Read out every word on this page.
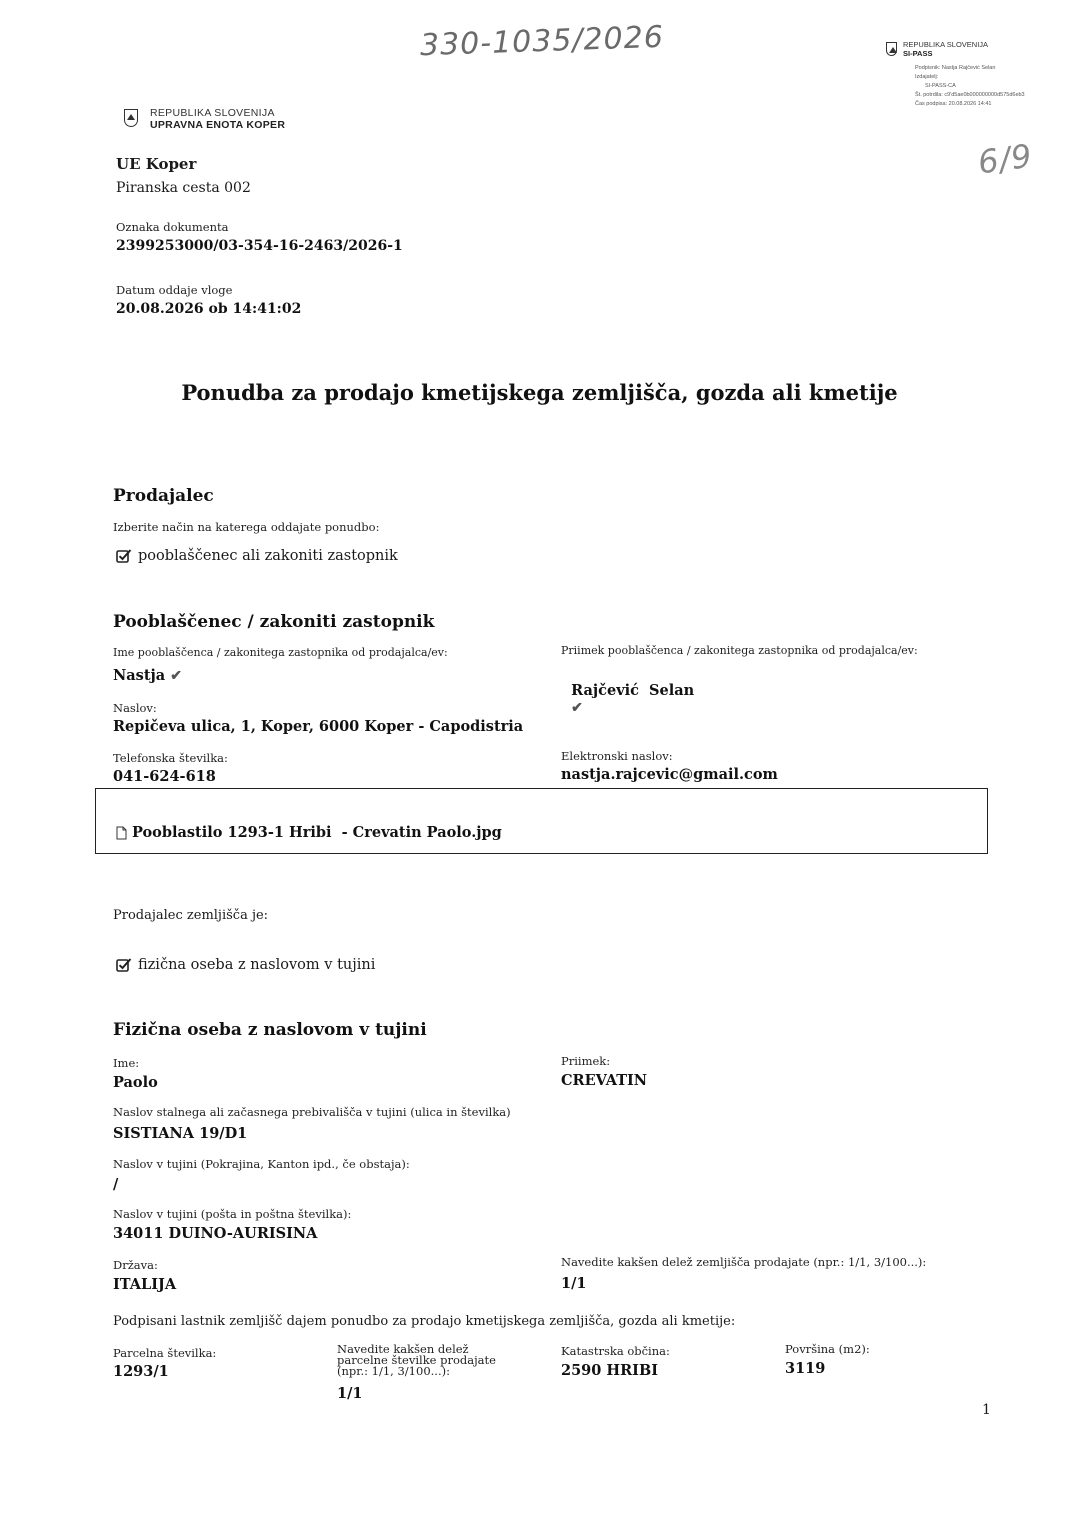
330-1035/2026	REPUBLIKA SLOVENIJA
SI-PASS
Podpisnik: Nastja Rajčević Selan
Izdajatelj:
SI-PASS-CA
Št. potrdila: c9'd5ae0b000000000d575d6eb3
Čas podpisa: 20.08.2026 14:41
6/9
REPUBLIKA SLOVENIJA
UPRAVNA ENOTA KOPER
UE Koper
Piranska cesta 002
Oznaka dokumenta
2399253000/03-354-16-2463/2026-1
Datum oddaje vloge
20.08.2026 ob 14:41:02
Ponudba za prodajo kmetijskega zemljišča, gozda ali kmetije
Prodajalec
Izberite način na katerega oddajate ponudbo:
pooblaščenec ali zakoniti zastopnik
Pooblaščenec / zakoniti zastopnik
Ime pooblaščenca / zakonitega zastopnika od prodajalca/ev:
Nastja ✔
Priimek pooblaščenca / zakonitega zastopnika od prodajalca/ev:

Rajčević  Selan
✔

Naslov:
Repičeva ulica, 1, Koper, 6000 Koper - Capodistria
Telefonska številka:
041-624-618
Elektronski naslov:
nastja.rajcevic@gmail.com
Pooblastilo 1293-1 Hribi  - Crevatin Paolo.jpg
Prodajalec zemljišča je:
fizična oseba z naslovom v tujini
Fizična oseba z naslovom v tujini
Ime:
Paolo
Priimek:
CREVATIN
Naslov stalnega ali začasnega prebivališča v tujini (ulica in številka)
SISTIANA 19/D1
Naslov v tujini (Pokrajina, Kanton ipd., če obstaja):
/
Naslov v tujini (pošta in poštna številka):
34011 DUINO-AURISINA
Država:
ITALIJA
Navedite kakšen delež zemljišča prodajate (npr.: 1/1, 3/100...):
1/1
Podpisani lastnik zemljišč dajem ponudbo za prodajo kmetijskega zemljišča, gozda ali kmetije:
Parcelna številka:
1293/1
Navedite kakšen delež parcelne številke prodajate (npr.: 1/1, 3/100...):
1/1
Katastrska občina:
2590 HRIBI
Površina (m2):
3119
1
